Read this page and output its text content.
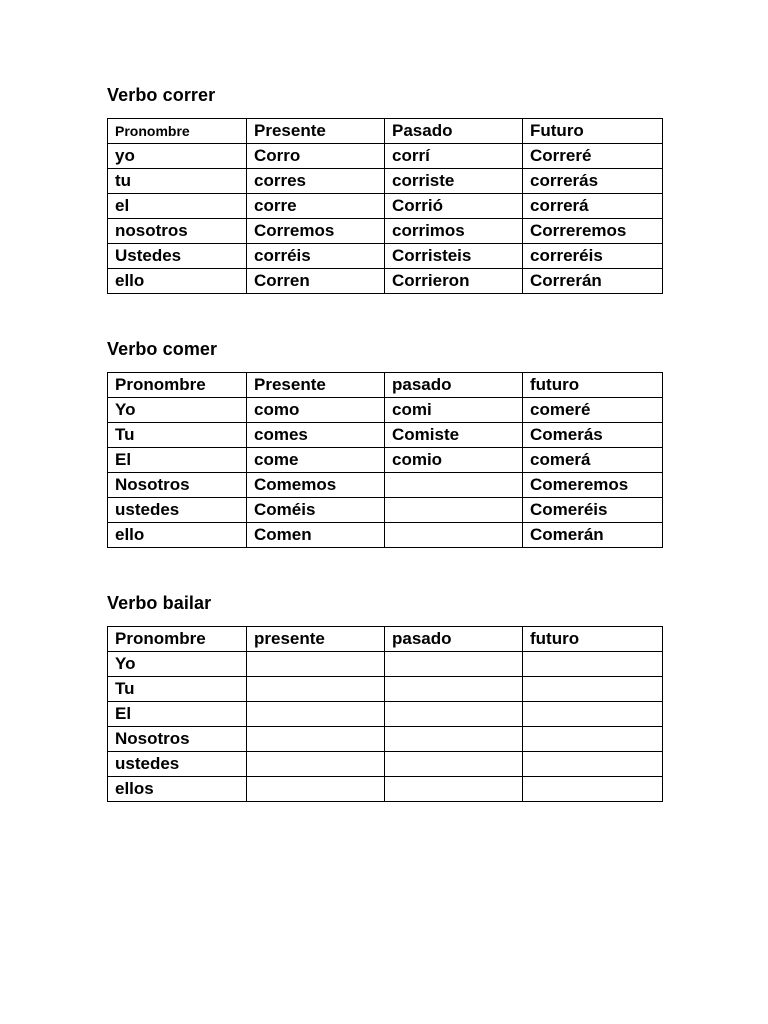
Verbo correr

Pronombre	Presente	Pasado	Futuro
yo	Corro	corrí	Correré
tu	corres	corriste	correrás
el	corre	Corrió	correrá
nosotros	Corremos	corrimos	Correremos
Ustedes	corréis	Corristeis	correréis
ello	Corren	Corrieron	Correrán

Verbo comer

Pronombre	Presente	pasado	futuro
Yo	como	comi	comeré
Tu	comes	Comiste	Comerás
El	come	comio	comerá
Nosotros	Comemos		Comeremos
ustedes	Coméis		Comeréis
ello	Comen		Comerán

Verbo bailar

Pronombre	presente	pasado	futuro
Yo			
Tu			
El			
Nosotros			
ustedes			
ellos			
